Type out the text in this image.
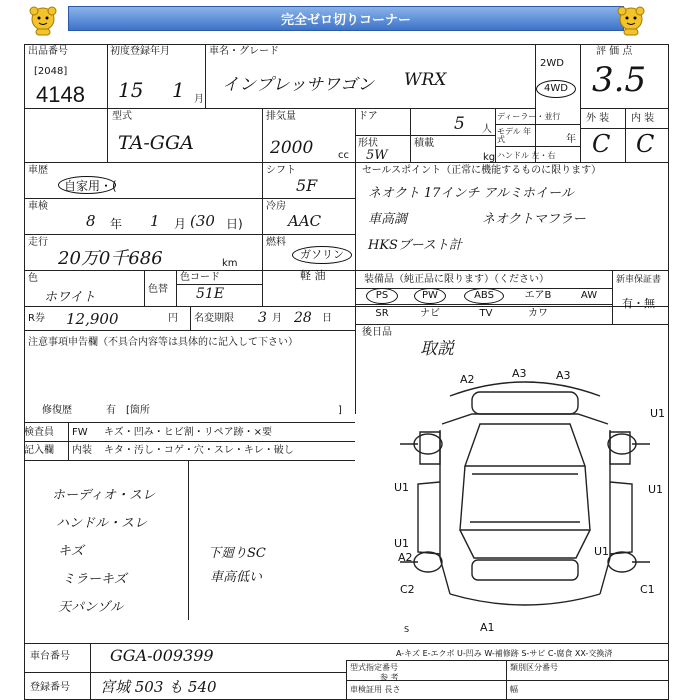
完全ゼロ切りコーナー
出品番号
[2048]
4148
初度登録年月
15 1 月
車名・グレード
インプレッサワゴン WRX
2WD
4WD
評 価 点
3.5
外 装 内 装
C C
型式
TA-GGA
排気量
2000 cc
ドア	5 人
形状
5W
積載
kg
ディーラー・並行
モデル 年式	年
ハンドル 左・右
車歴
自家用・(
シフト
5F
セールスポイント（正常に機能するものに限ります）
ネオクト 17インチ アルミホイール
車高調	ネオクトマフラー
HKSブースト計
車検
8 年 1 月 (30 日)
冷房
AAC
走行
20万0千686	km
燃料
ガソリン
軽 油
色
ホワイト
色替
色コード
51E
装備品（純正品に限ります）（ください）	新車保証書
有・無
PS	PW	ABS	エアB	AW
SR	ナビ	TV	カワ
R券 12,900	円 名変期限 3 月 28 日
後日品
取説
注意事項申告欄（不具合内容等は具体的に記入して下さい）
修復歴	有 [箇所	]
検査員
記入欄
FW キズ・凹み・ヒビ割・リペア跡・×要
内装 キタ・汚し・コゲ・穴・スレ・キレ・破し
ホーディオ・スレ
ハンドル・スレ
キズ
ミラーキズ
天パンゾル
下廻りSC
車高低い
A2	A3	A3
U1
U1	U1
U1
U1
A2
C2	C1
S	A1
A-キズ E-エクボ U-凹み W-補修跡 S-サビ C-腐食 XX-交換済
車台番号	GGA-009399
登録番号 宮城 503 も 540
型式指定番号
参 考
類別区分番号
車検証用 長さ	幅
